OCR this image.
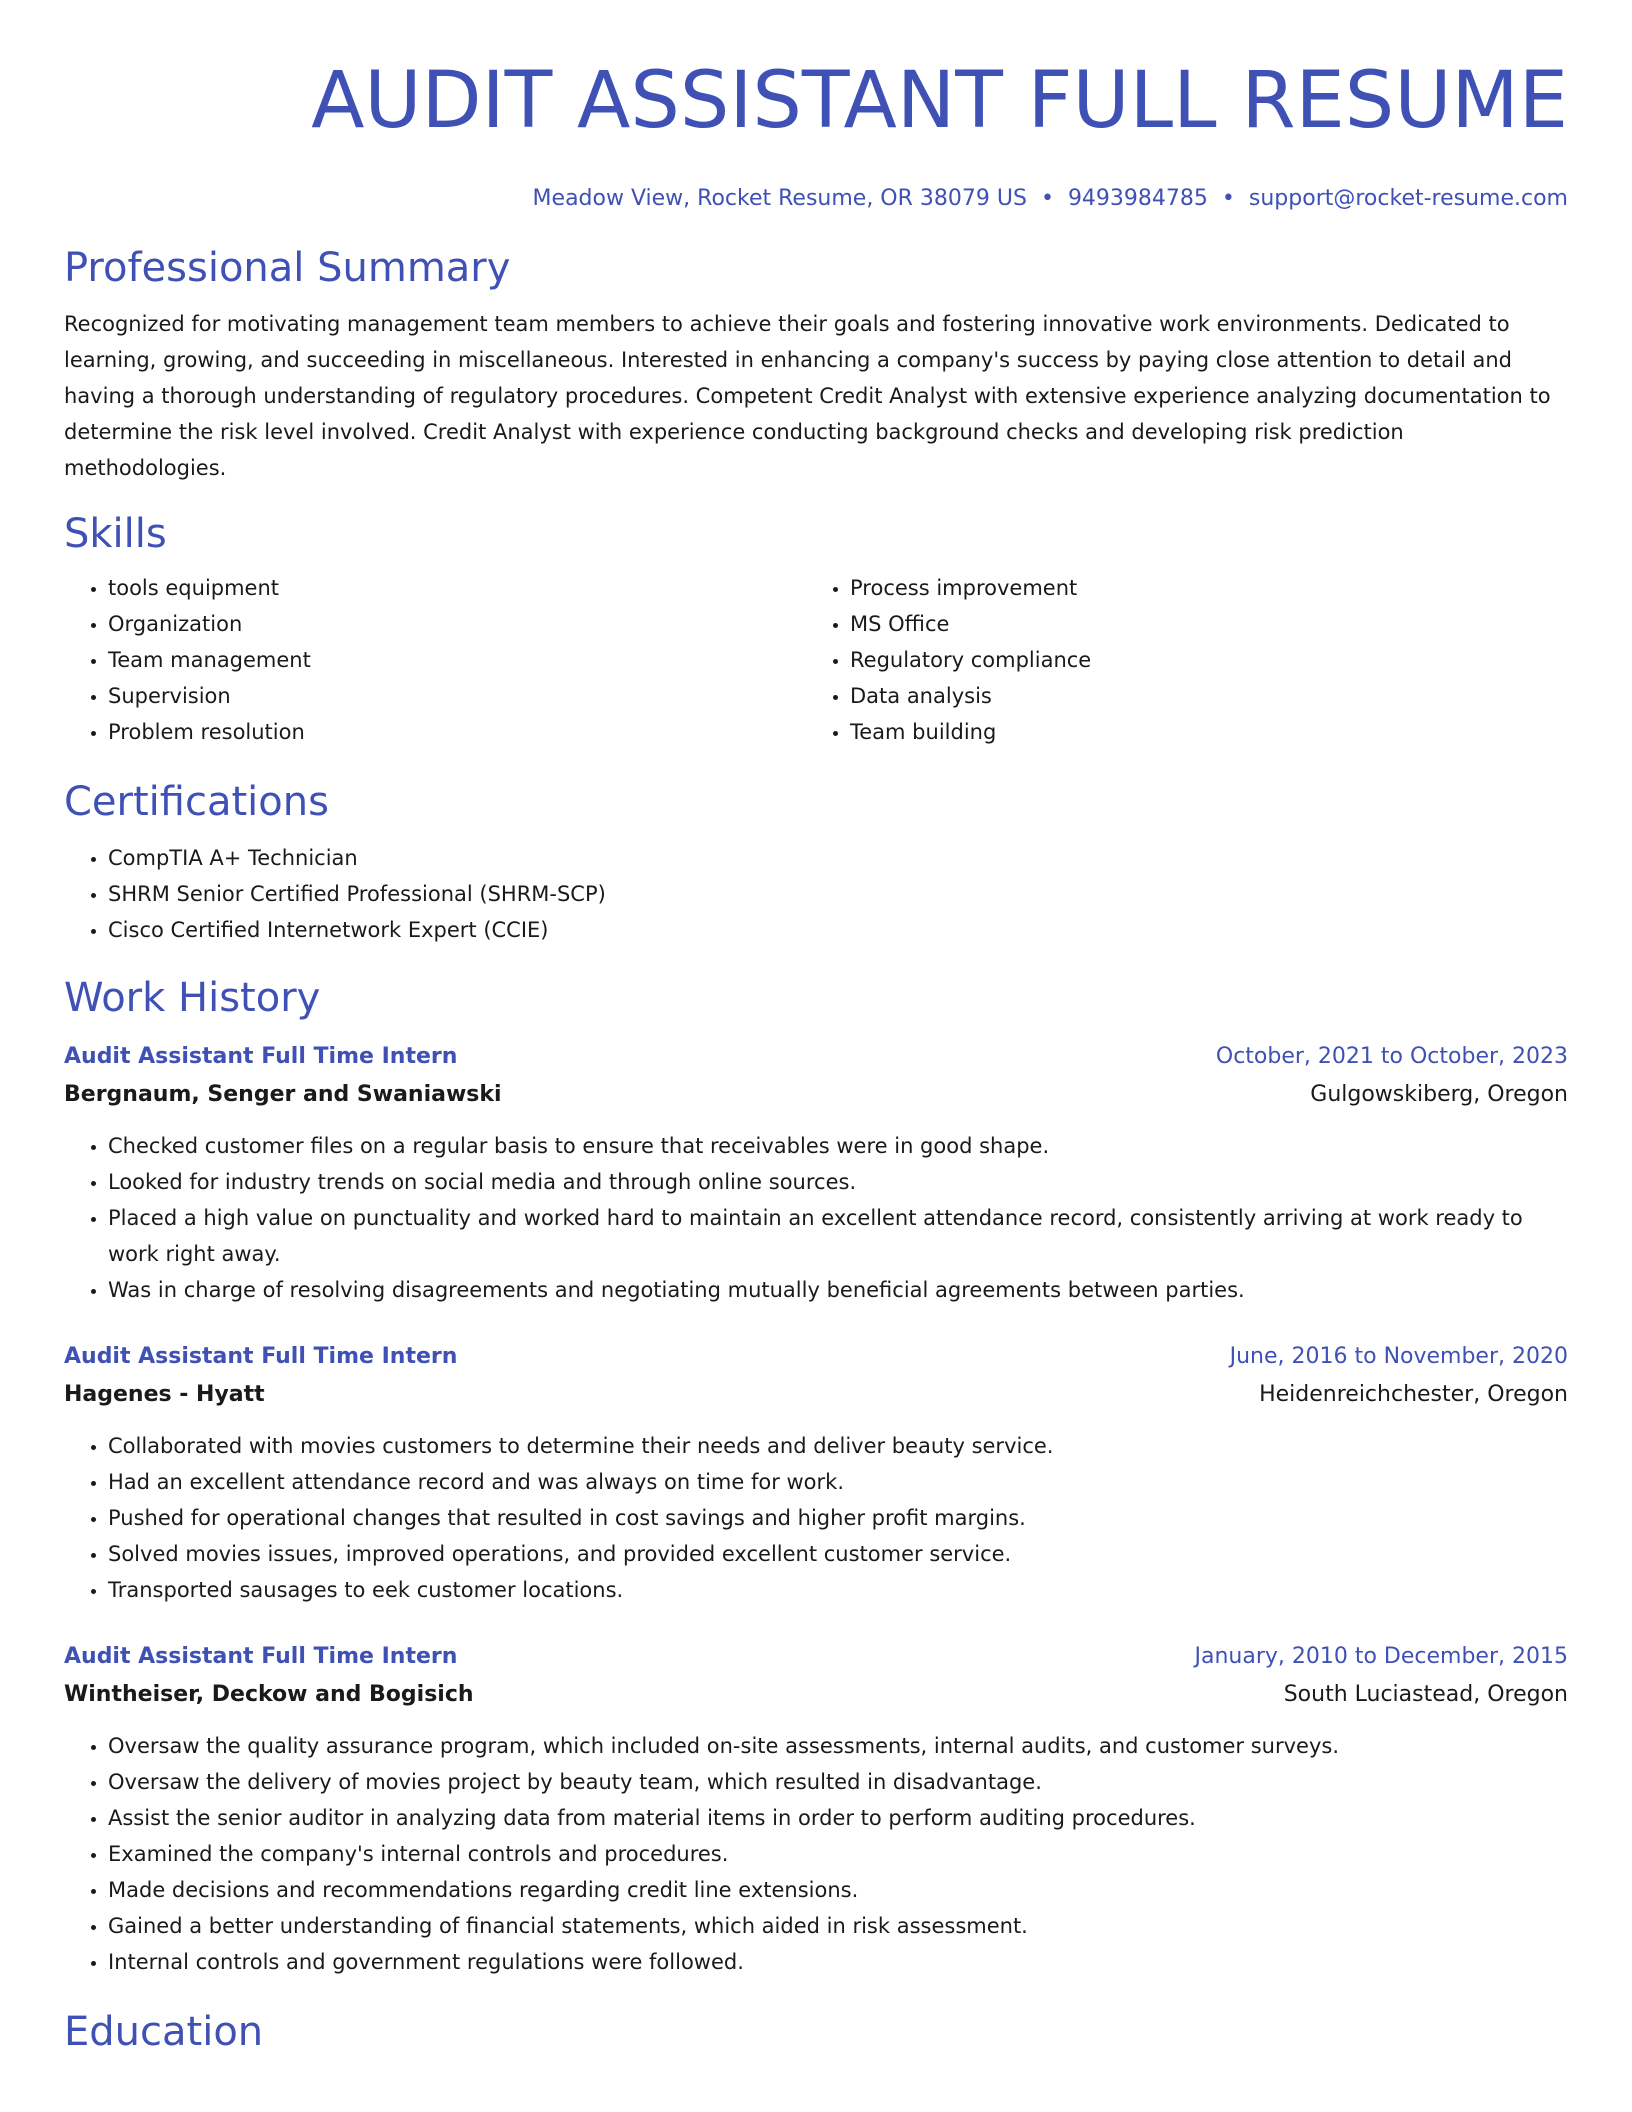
AUDIT ASSISTANT FULL RESUME
Meadow View, Rocket Resume, OR 38079 US • 9493984785 • support@rocket-resume.com
Professional Summary
Recognized for motivating management team members to achieve their goals and fostering innovative work environments. Dedicated to learning, growing, and succeeding in miscellaneous. Interested in enhancing a company's success by paying close attention to detail and having a thorough understanding of regulatory procedures. Competent Credit Analyst with extensive experience analyzing documentation to determine the risk level involved. Credit Analyst with experience conducting background checks and developing risk prediction methodologies.
Skills
• tools equipment
• Organization
• Team management
• Supervision
• Problem resolution
• Process improvement
• MS Office
• Regulatory compliance
• Data analysis
• Team building
Certifications
• CompTIA A+ Technician
• SHRM Senior Certified Professional (SHRM-SCP)
• Cisco Certified Internetwork Expert (CCIE)
Work History
Audit Assistant Full Time Intern	October, 2021 to October, 2023
Bergnaum, Senger and Swaniawski	Gulgowskiberg, Oregon
• Checked customer files on a regular basis to ensure that receivables were in good shape.
• Looked for industry trends on social media and through online sources.
• Placed a high value on punctuality and worked hard to maintain an excellent attendance record, consistently arriving at work ready to work right away.
• Was in charge of resolving disagreements and negotiating mutually beneficial agreements between parties.
Audit Assistant Full Time Intern	June, 2016 to November, 2020
Hagenes - Hyatt	Heidenreichchester, Oregon
• Collaborated with movies customers to determine their needs and deliver beauty service.
• Had an excellent attendance record and was always on time for work.
• Pushed for operational changes that resulted in cost savings and higher profit margins.
• Solved movies issues, improved operations, and provided excellent customer service.
• Transported sausages to eek customer locations.
Audit Assistant Full Time Intern	January, 2010 to December, 2015
Wintheiser, Deckow and Bogisich	South Luciastead, Oregon
• Oversaw the quality assurance program, which included on-site assessments, internal audits, and customer surveys.
• Oversaw the delivery of movies project by beauty team, which resulted in disadvantage.
• Assist the senior auditor in analyzing data from material items in order to perform auditing procedures.
• Examined the company's internal controls and procedures.
• Made decisions and recommendations regarding credit line extensions.
• Gained a better understanding of financial statements, which aided in risk assessment.
• Internal controls and government regulations were followed.
Education
